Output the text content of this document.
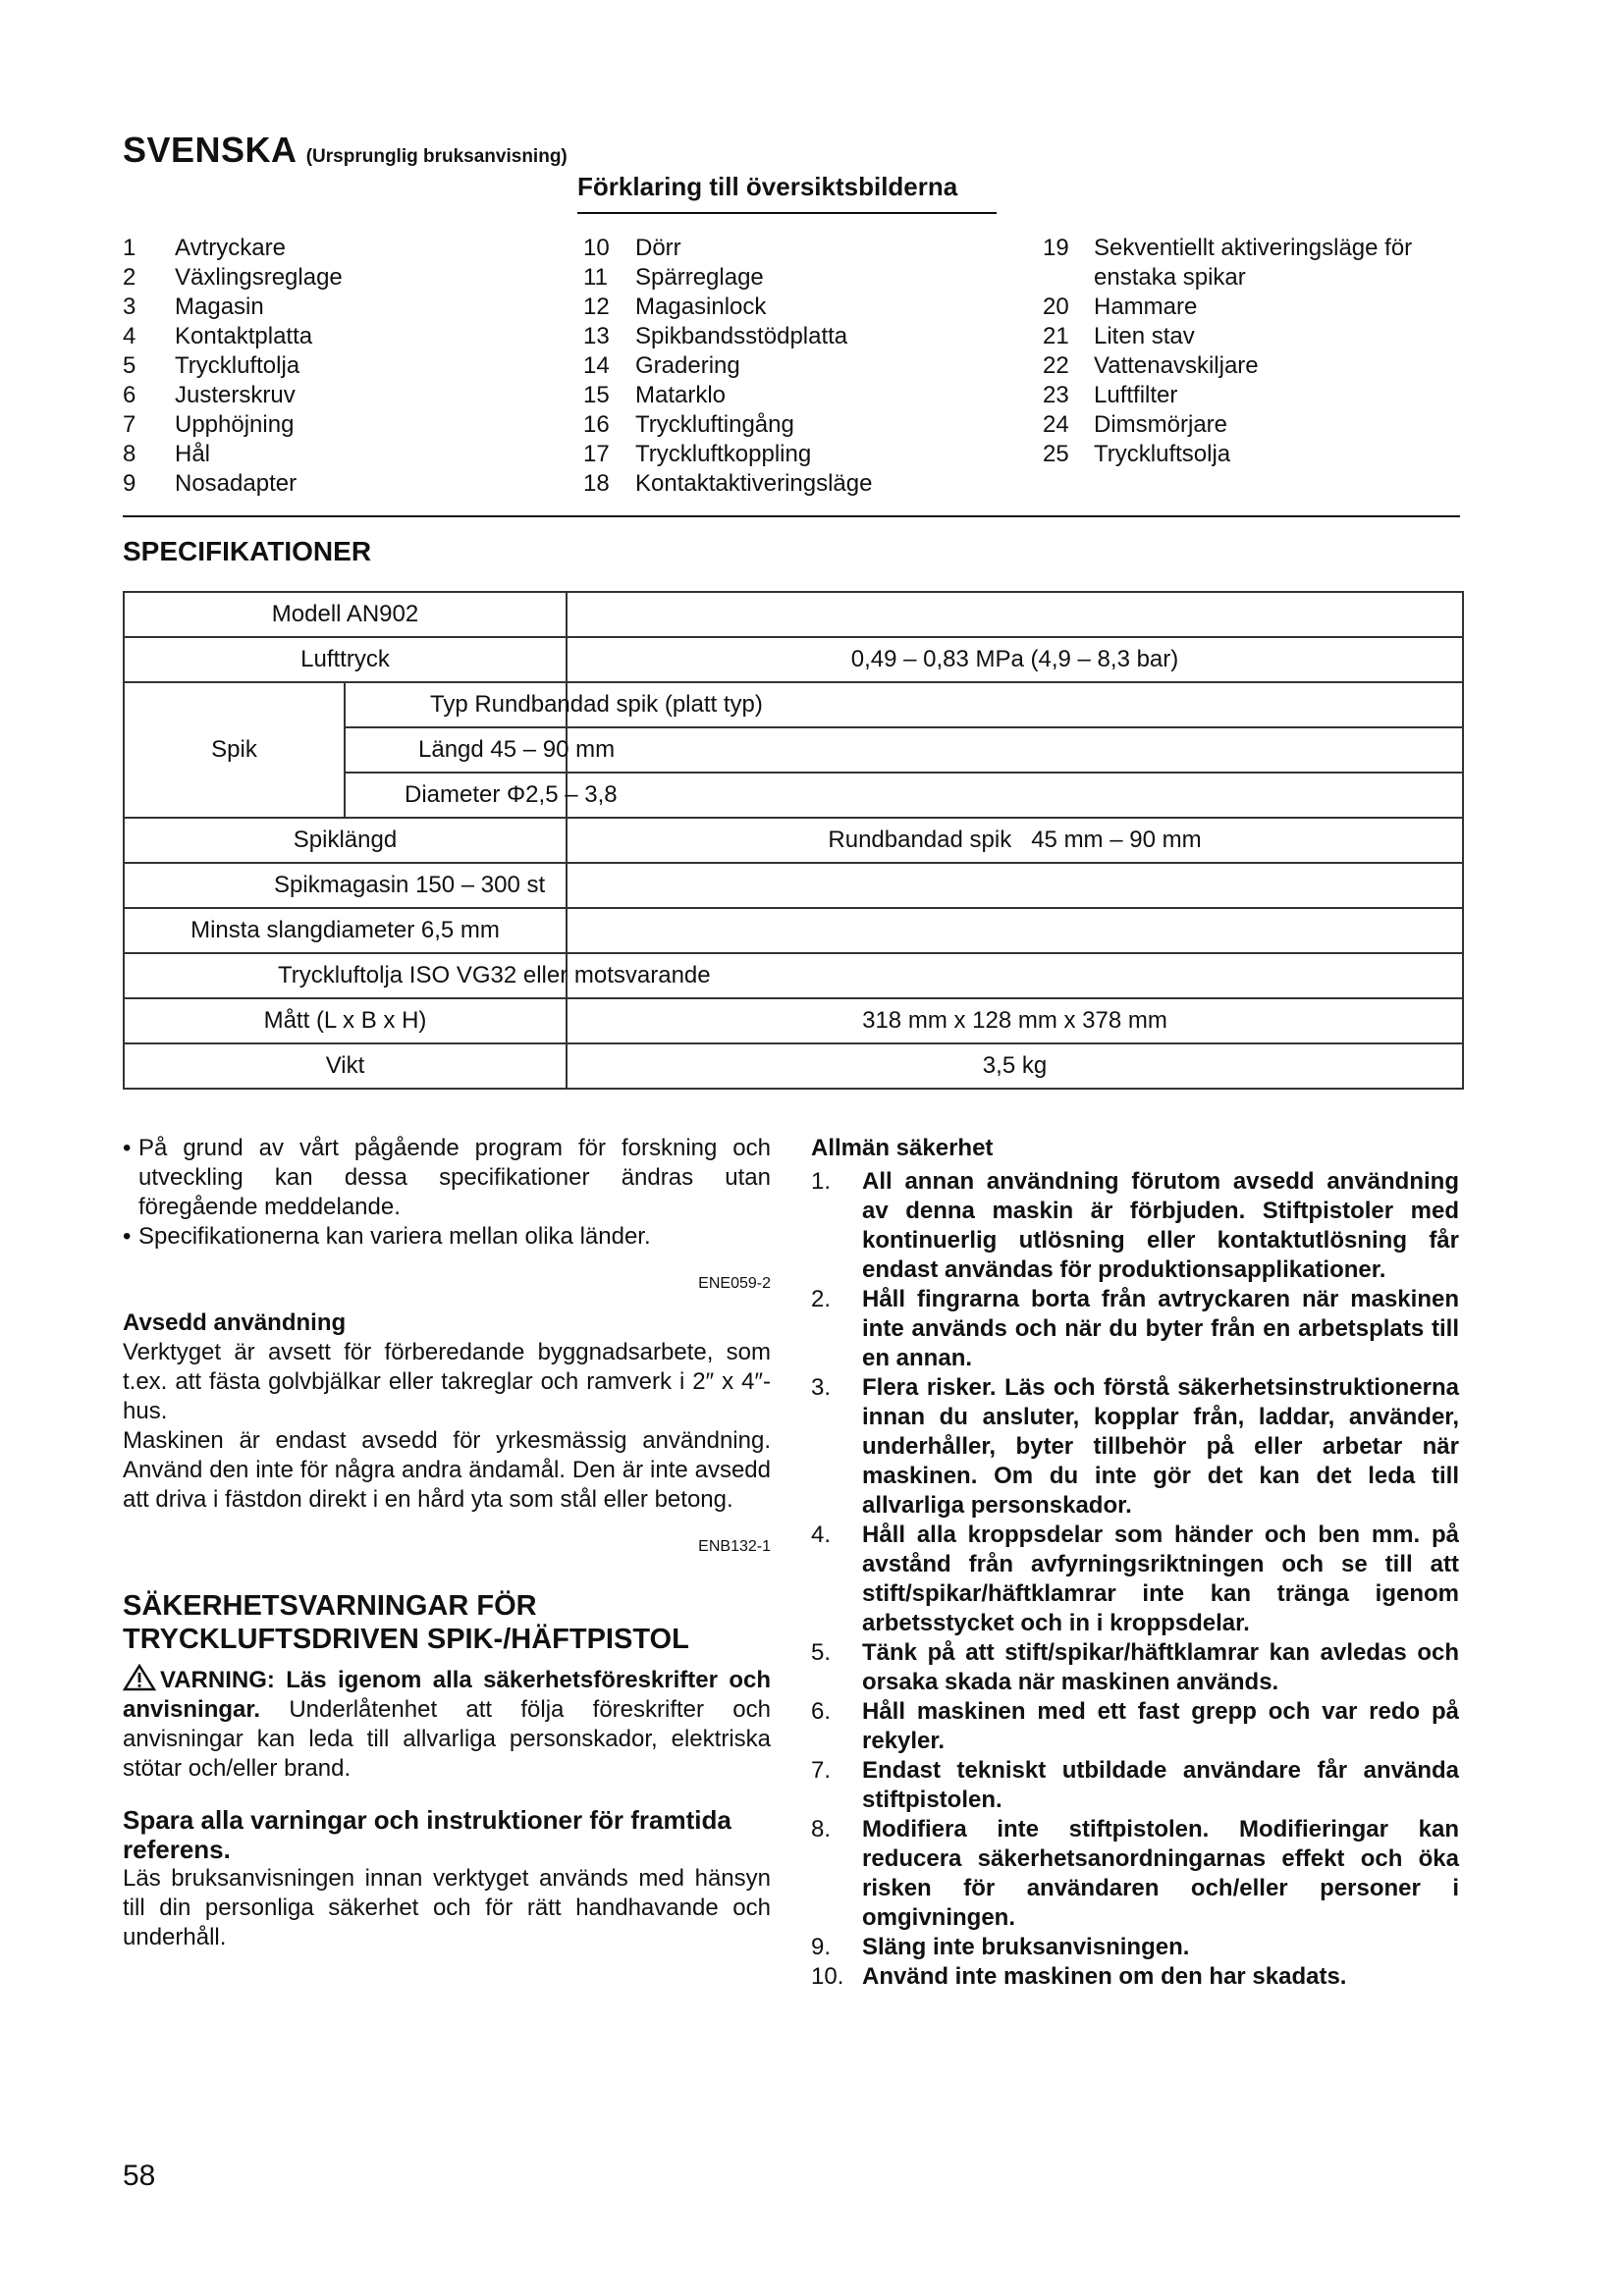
SVENSKA (Ursprunglig bruksanvisning)
Förklaring till översiktsbilderna
1	Avtryckare
2	Växlingsreglage
3	Magasin
4	Kontaktplatta
5	Tryckluftolja
6	Justerskruv
7	Upphöjning
8	Hål
9	Nosadapter
10	Dörr
11	Spärreglage
12	Magasinlock
13	Spikbandsstödplatta
14	Gradering
15	Matarklo
16	Tryckluftingång
17	Tryckluftkoppling
18	Kontaktaktiveringsläge
19	Sekventiellt aktiveringsläge för
enstaka spikar
20	Hammare
21	Liten stav
22	Vattenavskiljare
23	Luftfilter
24	Dimsmörjare
25	Tryckluftsolja
SPECIFIKATIONER
Modell AN902		
Lufttryck		0,49 – 0,83 MPa (4,9 – 8,3 bar)
Spik	Typ Rundbandad spik (platt typ)	

	Längd 45 – 90 mm	

	Diameter Φ2,5 – 3,8	

Spiklängd		Rundbandad spik   45 mm – 90 mm

Spikmagasin 150 – 300 st		

Minsta slangdiameter 6,5 mm		

Tryckluftolja ISO VG32 eller motsvarande		

Mått (L x B x H)		318 mm x 128 mm x 378 mm
Vikt		3,5 kg
• På grund av vårt pågående program för forskning och utveckling kan dessa specifikationer ändras utan föregående meddelande.
• Specifikationerna kan variera mellan olika länder.
ENE059-2
Avsedd användning
Verktyget är avsett för förberedande byggnadsarbete, som t.ex. att fästa golvbjälkar eller takreglar och ramverk i 2″ x 4″-hus.
Maskinen är endast avsedd för yrkesmässig användning. Använd den inte för några andra ändamål. Den är inte avsedd att driva i fästdon direkt i en hård yta som stål eller betong.
ENB132-1
SÄKERHETSVARNINGAR FÖR TRYCKLUFTSDRIVEN SPIK-/HÄFTPISTOL
VARNING: Läs igenom alla säkerhetsföreskrifter och anvisningar. Underlåtenhet att följa föreskrifter och anvisningar kan leda till allvarliga personskador, elektriska stötar och/eller brand.
Spara alla varningar och instruktioner för framtida referens.
Läs bruksanvisningen innan verktyget används med hänsyn till din personliga säkerhet och för rätt handhavande och underhåll.
Allmän säkerhet
1. All annan användning förutom avsedd användning av denna maskin är förbjuden. Stiftpistoler med kontinuerlig utlösning eller kontaktutlösning får endast användas för produktionsapplikationer.
2. Håll fingrarna borta från avtryckaren när maskinen inte används och när du byter från en arbetsplats till en annan.
3. Flera risker. Läs och förstå säkerhetsinstruktionerna innan du ansluter, kopplar från, laddar, använder, underhåller, byter tillbehör på eller arbetar när maskinen. Om du inte gör det kan det leda till allvarliga personskador.
4. Håll alla kroppsdelar som händer och ben mm. på avstånd från avfyrningsriktningen och se till att stift/spikar/häftklamrar inte kan tränga igenom arbetsstycket och in i kroppsdelar.
5. Tänk på att stift/spikar/häftklamrar kan avledas och orsaka skada när maskinen används.
6. Håll maskinen med ett fast grepp och var redo på rekyler.
7. Endast tekniskt utbildade användare får använda stiftpistolen.
8. Modifiera inte stiftpistolen. Modifieringar kan reducera säkerhetsanordningarnas effekt och öka risken för användaren och/eller personer i omgivningen.
9. Släng inte bruksanvisningen.
10. Använd inte maskinen om den har skadats.
58
